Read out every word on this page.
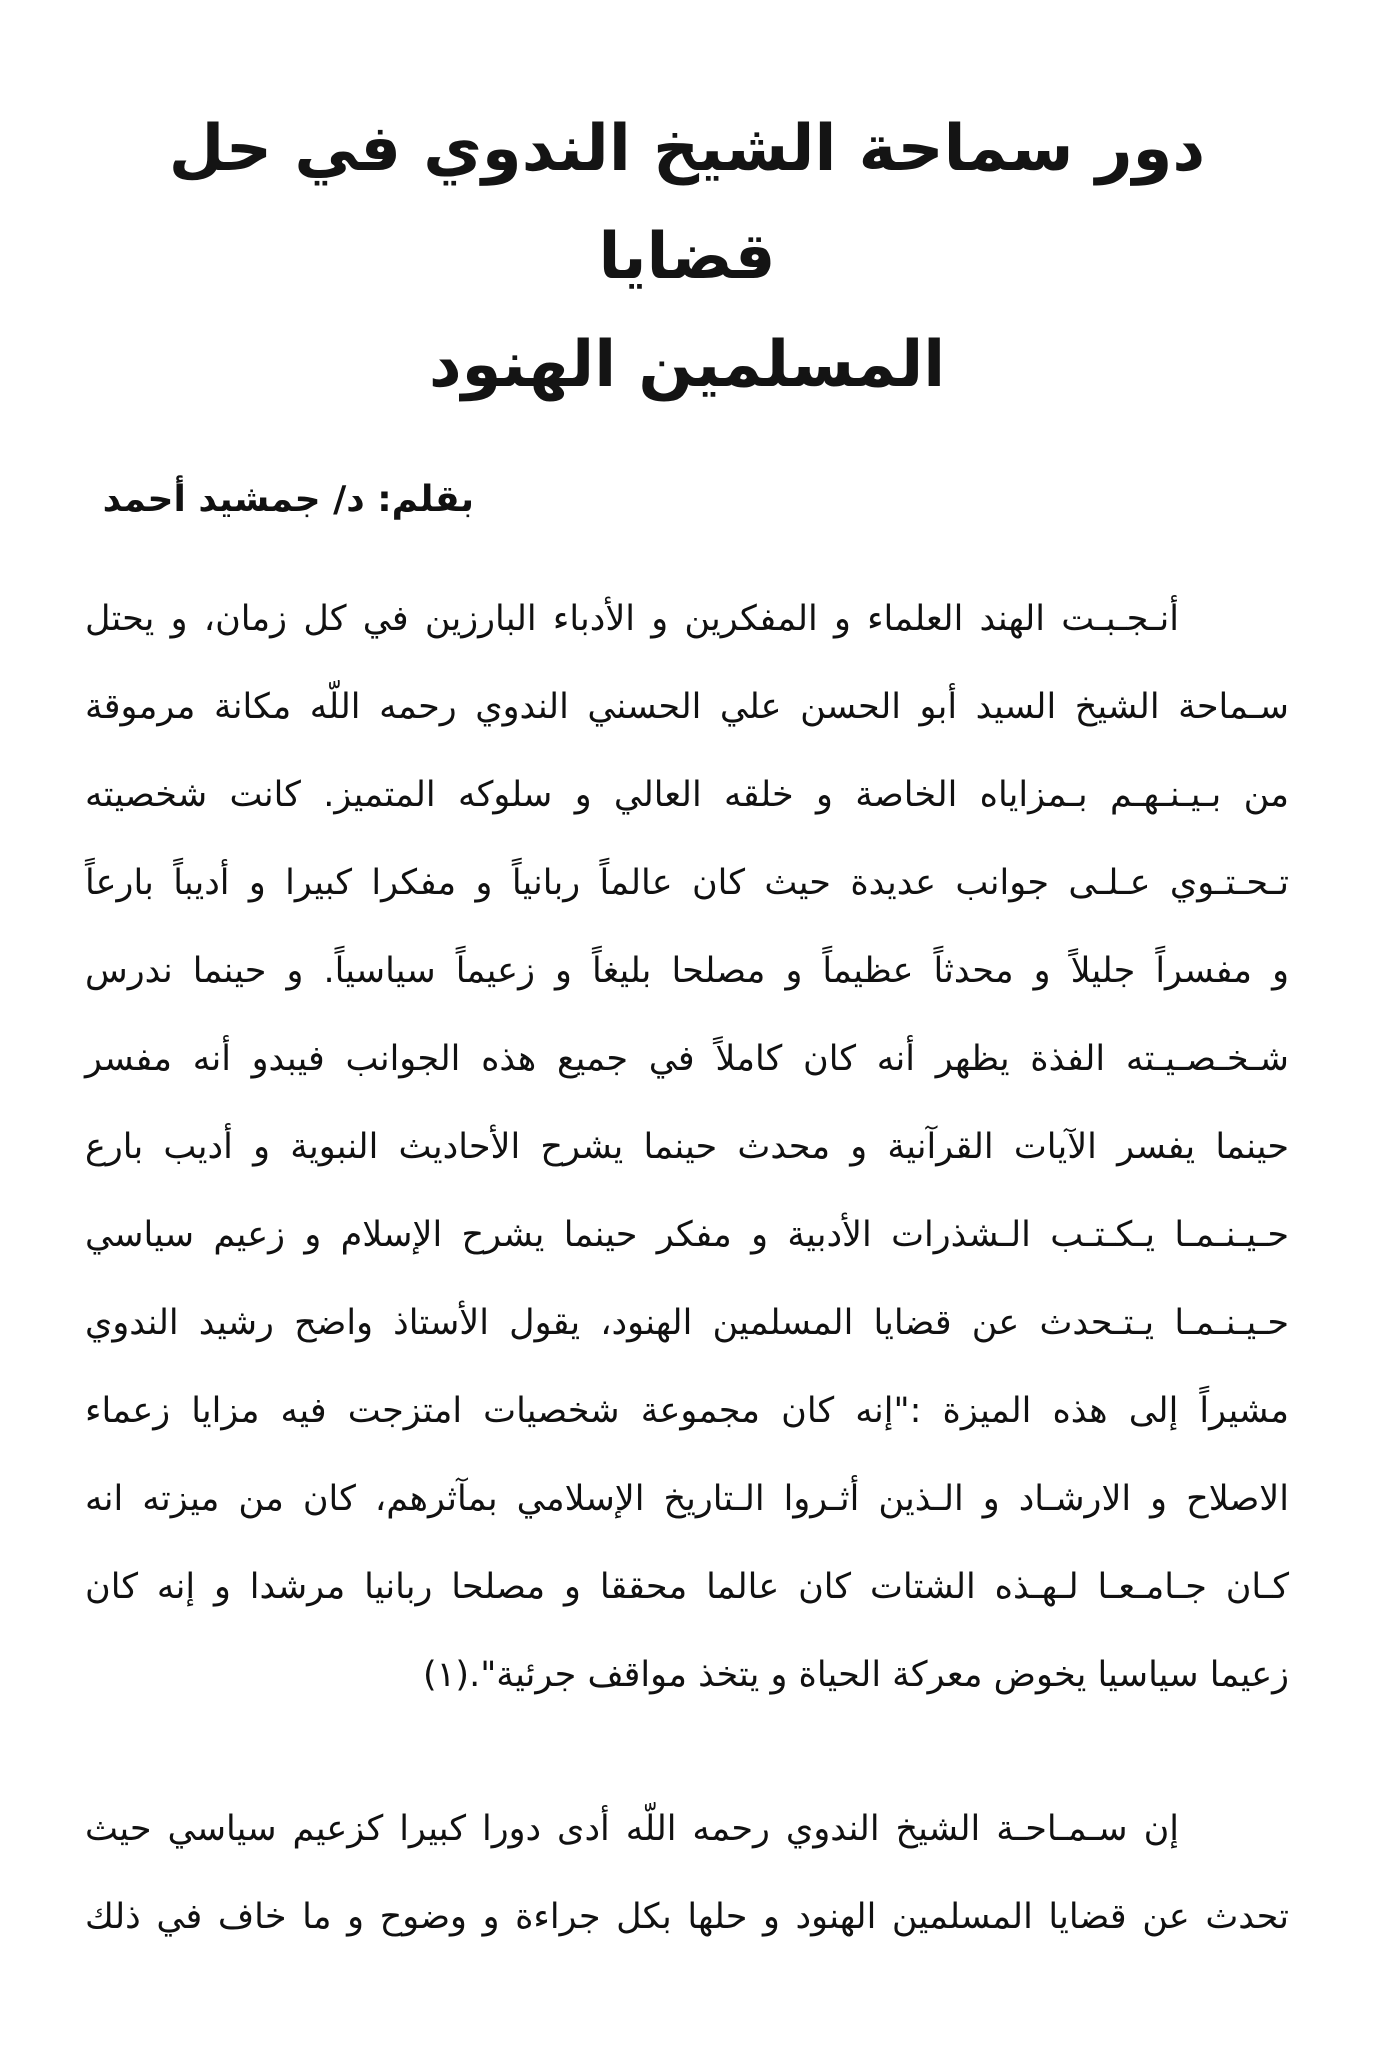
دور سماحة الشيخ الندوي في حل قضايا
المسلمين الهنود
بقلم: د/ جمشيد أحمد
أنـجـبـت الهند العلماء و المفكرين و الأدباء البارزين في كل زمان، و يحتل
سـماحة الشيخ السيد أبو الحسن علي الحسني الندوي رحمه اللّه مكانة مرموقة
من بـيـنـهـم بـمزاياه الخاصة و خلقه العالي و سلوكه المتميز. كانت شخصيته
تـحـتـوي عـلـى جوانب عديدة حيث كان عالماً ربانياً و مفكرا كبيرا و أديباً بارعاً
و مفسراً جليلاً و محدثاً عظيماً و مصلحا بليغاً و زعيماً سياسياً. و حينما ندرس
شـخـصـيـته الفذة يظهر أنه كان كاملاً في جميع هذه الجوانب فيبدو أنه مفسر
حينما يفسر الآيات القرآنية و محدث حينما يشرح الأحاديث النبوية و أديب بارع
حـيـنـمـا يـكـتـب الـشذرات الأدبية و مفكر حينما يشرح الإسلام و زعيم سياسي
حـيـنـمـا يـتـحدث عن قضايا المسلمين الهنود، يقول الأستاذ واضح رشيد الندوي
مشيراً إلى هذه الميزة :"إنه كان مجموعة شخصيات امتزجت فيه مزايا زعماء
الاصلاح و الارشـاد و الـذين أثـروا الـتاريخ الإسلامي بمآثرهم، كان من ميزته انه
كـان جـامـعـا لـهـذه الشتات كان عالما محققا و مصلحا ربانيا مرشدا و إنه كان
زعيما سياسيا يخوض معركة الحياة و يتخذ مواقف جرئية".(١)
إن سـمـاحـة الشيخ الندوي رحمه اللّه أدى دورا كبيرا كزعيم سياسي حيث
تحدث عن قضايا المسلمين الهنود و حلها بكل جراءة و وضوح و ما خاف في ذلك
